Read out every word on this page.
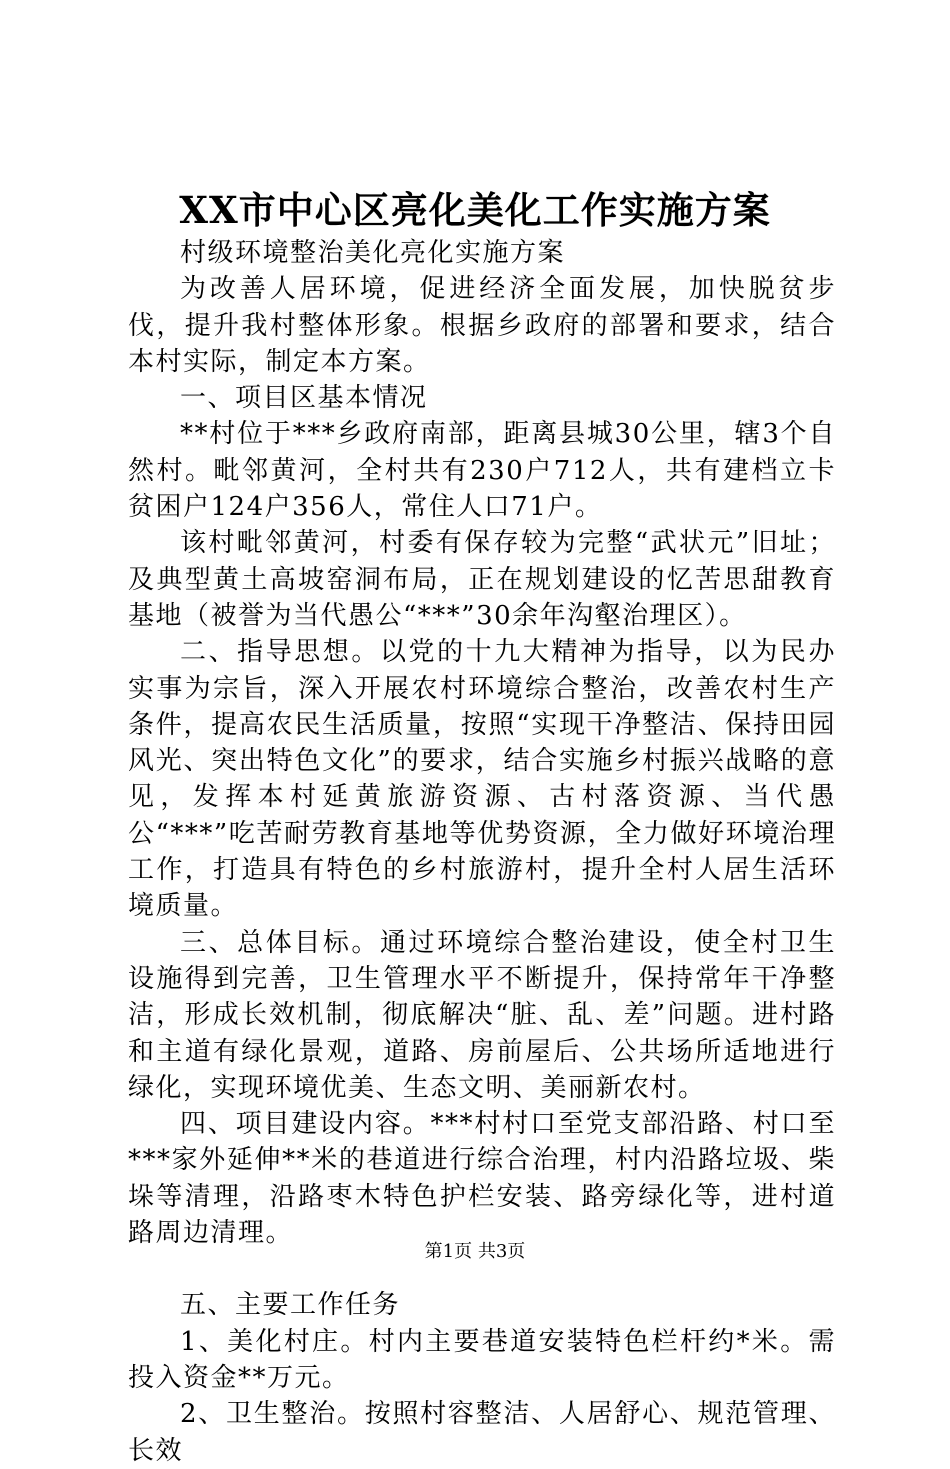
XX市中心区亮化美化工作实施方案

村级环境整治美化亮化实施方案

为改善人居环境，促进经济全面发展，加快脱贫步伐，提升我村整体形象。根据乡政府的部署和要求，结合本村实际，制定本方案。

一、项目区基本情况

**村位于***乡政府南部，距离县城30公里，辖3个自然村。毗邻黄河，全村共有230户712人，共有建档立卡贫困户124户356人，常住人口71户。

该村毗邻黄河，村委有保存较为完整“武状元”旧址；及典型黄土高坡窑洞布局，正在规划建设的忆苦思甜教育基地（被誉为当代愚公“***”30余年沟壑治理区）。

二、指导思想。以党的十九大精神为指导，以为民办实事为宗旨，深入开展农村环境综合整治，改善农村生产条件，提高农民生活质量，按照“实现干净整洁、保持田园风光、突出特色文化”的要求，结合实施乡村振兴战略的意见，发挥本村延黄旅游资源、古村落资源、当代愚公“***”吃苦耐劳教育基地等优势资源，全力做好环境治理工作，打造具有特色的乡村旅游村，提升全村人居生活环境质量。

三、总体目标。通过环境综合整治建设，使全村卫生设施得到完善，卫生管理水平不断提升，保持常年干净整洁，形成长效机制，彻底解决“脏、乱、差”问题。进村路和主道有绿化景观，道路、房前屋后、公共场所适地进行绿化，实现环境优美、生态文明、美丽新农村。

四、项目建设内容。***村村口至党支部沿路、村口至***家外延伸**米的巷道进行综合治理，村内沿路垃圾、柴垛等清理，沿路枣木特色护栏安装、路旁绿化等，进村道路周边清理。

五、主要工作任务

1、美化村庄。村内主要巷道安装特色栏杆约*米。需投入资金**万元。

2、卫生整治。按照村容整洁、人居舒心、规范管理、长效

第1页 共3页
